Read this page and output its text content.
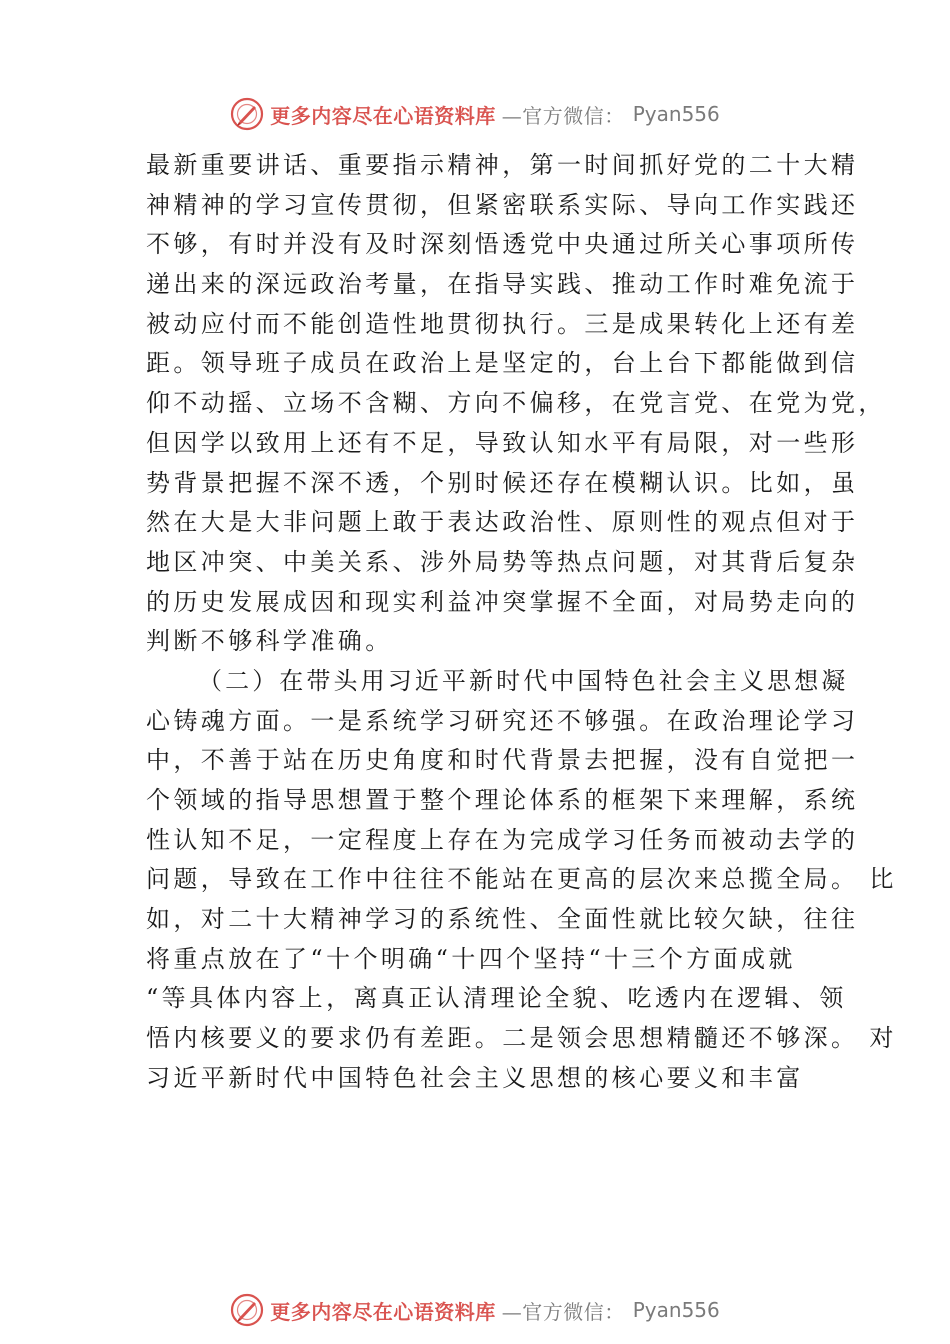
更多内容尽在心语资料库 —官方微信： Pyan556
最新重要讲话、重要指示精神，第一时间抓好党的二十大精
神精神的学习宣传贯彻，但紧密联系实际、导向工作实践还
不够，有时并没有及时深刻悟透党中央通过所关心事项所传
递出来的深远政治考量，在指导实践、推动工作时难免流于
被动应付而不能创造性地贯彻执行。三是成果转化上还有差
距。领导班子成员在政治上是坚定的，台上台下都能做到信
仰不动摇、立场不含糊、方向不偏移，在党言党、在党为党，
但因学以致用上还有不足，导致认知水平有局限，对一些形
势背景把握不深不透，个别时候还存在模糊认识。比如，虽
然在大是大非问题上敢于表达政治性、原则性的观点但对于
地区冲突、中美关系、涉外局势等热点问题，对其背后复杂
的历史发展成因和现实利益冲突掌握不全面，对局势走向的
判断不够科学准确。
（二）在带头用习近平新时代中国特色社会主义思想凝
心铸魂方面。一是系统学习研究还不够强。在政治理论学习
中，不善于站在历史角度和时代背景去把握，没有自觉把一
个领域的指导思想置于整个理论体系的框架下来理解，系统
性认知不足，一定程度上存在为完成学习任务而被动去学的
问题，导致在工作中往往不能站在更高的层次来总揽全局。 比
如，对二十大精神学习的系统性、全面性就比较欠缺，往往
将重点放在了“十个明确“十四个坚持“十三个方面成就
“等具体内容上，离真正认清理论全貌、吃透内在逻辑、领
悟内核要义的要求仍有差距。二是领会思想精髓还不够深。 对
习近平新时代中国特色社会主义思想的核心要义和丰富
更多内容尽在心语资料库 —官方微信： Pyan556
